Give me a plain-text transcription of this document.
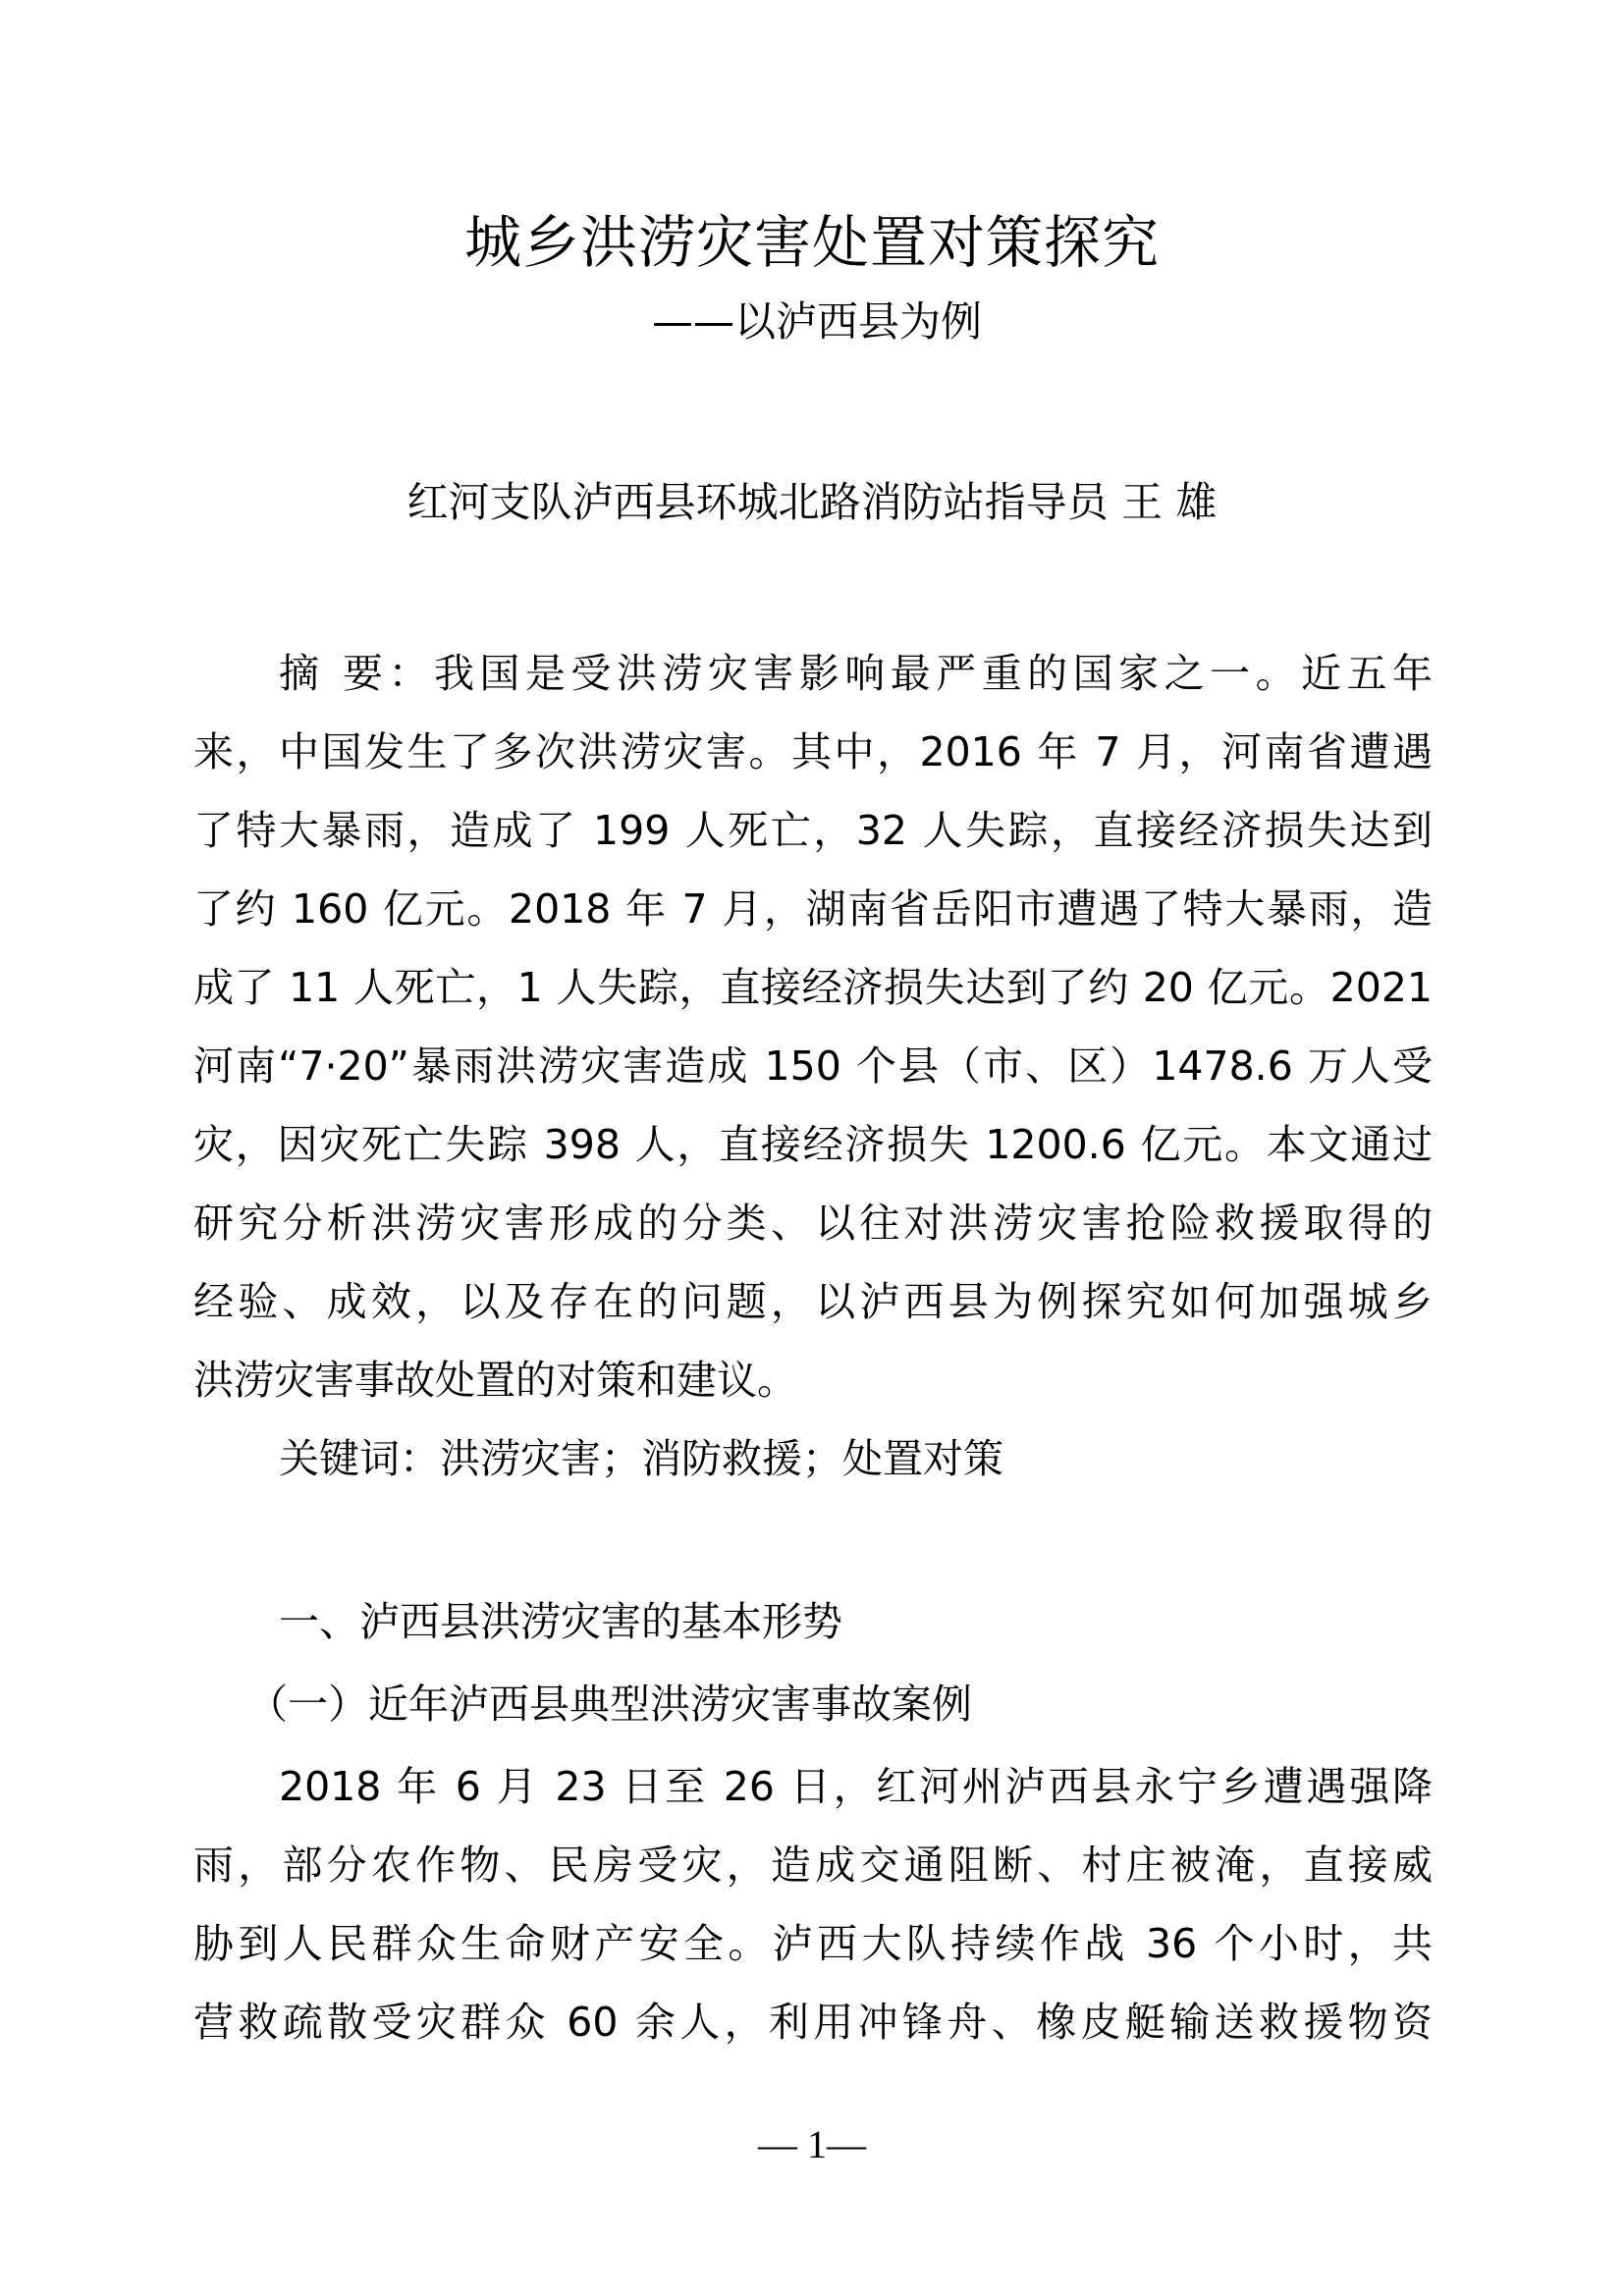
城乡洪涝灾害处置对策探究
——以泸西县为例
红河支队泸西县环城北路消防站指导员 王 雄
摘 要：我国是受洪涝灾害影响最严重的国家之一。近五年
来，中国发生了多次洪涝灾害。其中，2016 年 7 月，河南省遭遇
了特大暴雨，造成了 199 人死亡，32 人失踪，直接经济损失达到
了约 160 亿元。2018 年 7 月，湖南省岳阳市遭遇了特大暴雨，造
成了 11 人死亡，1 人失踪，直接经济损失达到了约 20 亿元。2021
河南“7·20”暴雨洪涝灾害造成 150 个县（市、区）1478.6 万人受
灾，因灾死亡失踪 398 人，直接经济损失 1200.6 亿元。本文通过
研究分析洪涝灾害形成的分类、以往对洪涝灾害抢险救援取得的
经验、成效，以及存在的问题，以泸西县为例探究如何加强城乡
洪涝灾害事故处置的对策和建议。
关键词：洪涝灾害；消防救援；处置对策
一、泸西县洪涝灾害的基本形势
（一）近年泸西县典型洪涝灾害事故案例
2018 年 6 月 23 日至 26 日，红河州泸西县永宁乡遭遇强降
雨，部分农作物、民房受灾，造成交通阻断、村庄被淹，直接威
胁到人民群众生命财产安全。泸西大队持续作战 36 个小时，共
营救疏散受灾群众 60 余人，利用冲锋舟、橡皮艇输送救援物资
— 1—
